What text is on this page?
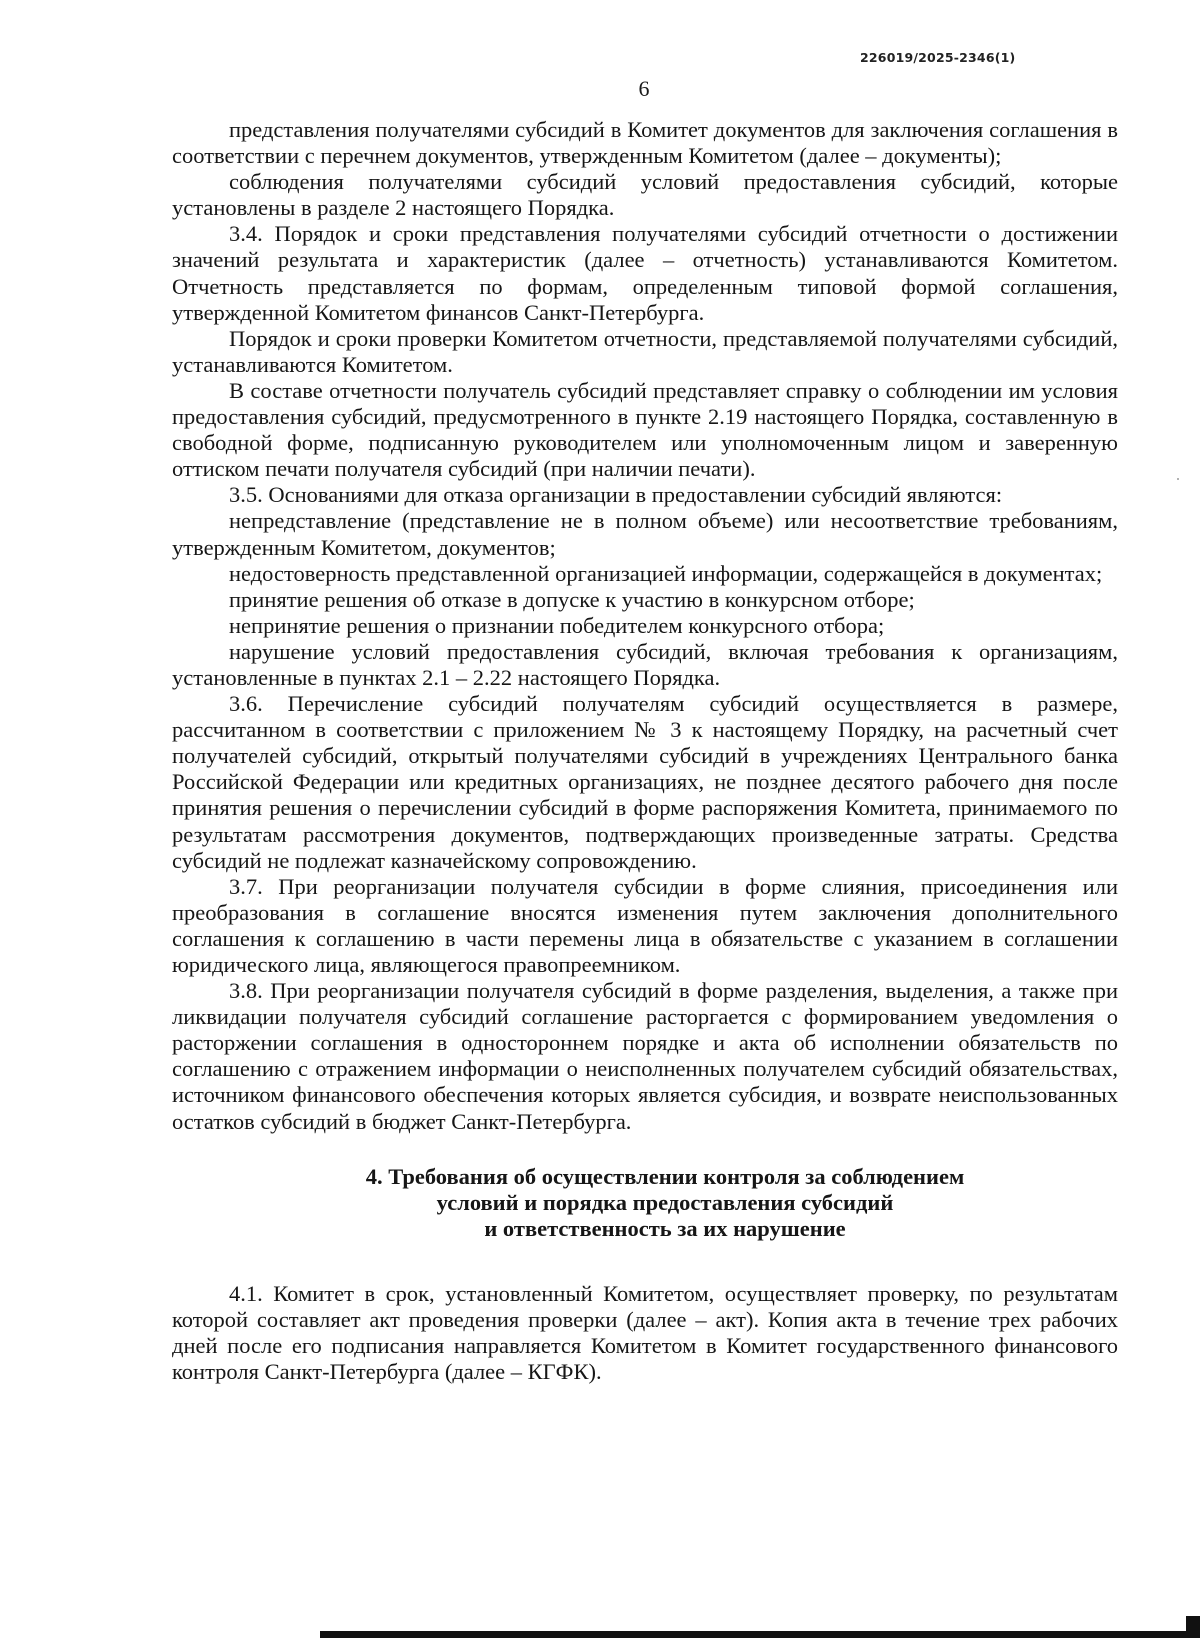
226019/2025-2346(1)
6

представления получателями субсидий в Комитет документов для заключения соглашения в соответствии с перечнем документов, утвержденным Комитетом (далее – документы);

соблюдения получателями субсидий условий предоставления субсидий, которые установлены в разделе 2 настоящего Порядка.

3.4. Порядок и сроки представления получателями субсидий отчетности о достижении значений результата и характеристик (далее – отчетность) устанавливаются Комитетом. Отчетность представляется по формам, определенным типовой формой соглашения, утвержденной Комитетом финансов Санкт-Петербурга.

Порядок и сроки проверки Комитетом отчетности, представляемой получателями субсидий, устанавливаются Комитетом.

В составе отчетности получатель субсидий представляет справку о соблюдении им условия предоставления субсидий, предусмотренного в пункте 2.19 настоящего Порядка, составленную в свободной форме, подписанную руководителем или уполномоченным лицом и заверенную оттиском печати получателя субсидий (при наличии печати).

3.5. Основаниями для отказа организации в предоставлении субсидий являются:

непредставление (представление не в полном объеме) или несоответствие требованиям, утвержденным Комитетом, документов;

недостоверность представленной организацией информации, содержащейся в документах;

принятие решения об отказе в допуске к участию в конкурсном отборе;

непринятие решения о признании победителем конкурсного отбора;

нарушение условий предоставления субсидий, включая требования к организациям, установленные в пунктах 2.1 – 2.22 настоящего Порядка.

3.6. Перечисление субсидий получателям субсидий осуществляется в размере, рассчитанном в соответствии с приложением № 3 к настоящему Порядку, на расчетный счет получателей субсидий, открытый получателями субсидий в учреждениях Центрального банка Российской Федерации или кредитных организациях, не позднее десятого рабочего дня после принятия решения о перечислении субсидий в форме распоряжения Комитета, принимаемого по результатам рассмотрения документов, подтверждающих произведенные затраты. Средства субсидий не подлежат казначейскому сопровождению.

3.7. При реорганизации получателя субсидии в форме слияния, присоединения или преобразования в соглашение вносятся изменения путем заключения дополнительного соглашения к соглашению в части перемены лица в обязательстве с указанием в соглашении юридического лица, являющегося правопреемником.

3.8. При реорганизации получателя субсидий в форме разделения, выделения, а также при ликвидации получателя субсидий соглашение расторгается с формированием уведомления о расторжении соглашения в одностороннем порядке и акта об исполнении обязательств по соглашению с отражением информации о неисполненных получателем субсидий обязательствах, источником финансового обеспечения которых является субсидия, и возврате неиспользованных остатков субсидий в бюджет Санкт-Петербурга.

4. Требования об осуществлении контроля за соблюдением
условий и порядка предоставления субсидий
и ответственность за их нарушение

4.1. Комитет в срок, установленный Комитетом, осуществляет проверку, по результатам которой составляет акт проведения проверки (далее – акт). Копия акта в течение трех рабочих дней после его подписания направляется Комитетом в Комитет государственного финансового контроля Санкт-Петербурга (далее – КГФК).
